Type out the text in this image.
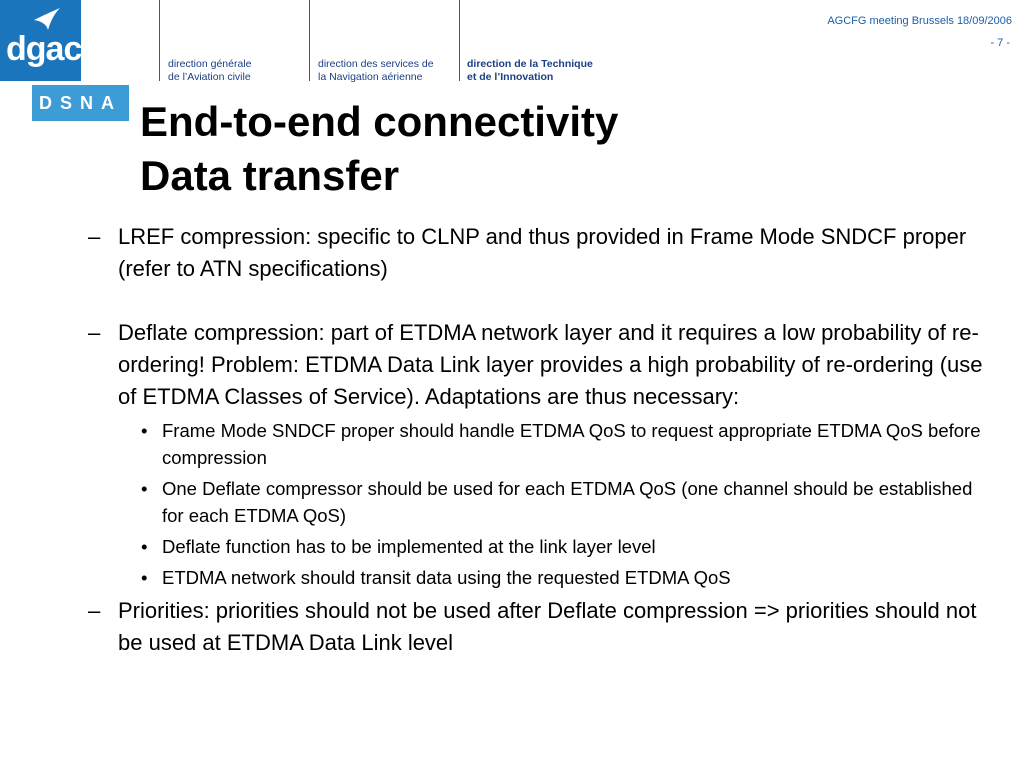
dgac
DSNA
direction générale
de l’Aviation civile
direction des services de
la Navigation aérienne
direction de la Technique
et de l’Innovation
AGCFG meeting Brussels 18/09/2006
- 7 -
End-to-end connectivity
Data transfer
– LREF compression: specific to CLNP and thus provided in Frame Mode SNDCF proper (refer to ATN specifications)
– Deflate compression: part of ETDMA network layer and it requires a low probability of re-ordering! Problem: ETDMA Data Link layer provides a high probability of re-ordering (use of ETDMA Classes of Service). Adaptations are thus necessary:
• Frame Mode SNDCF proper should handle ETDMA QoS to request appropriate ETDMA QoS before compression
• One Deflate compressor should be used for each ETDMA QoS (one channel should be established for each ETDMA QoS)
• Deflate function has to be implemented at the link layer level
• ETDMA network should transit data using the requested ETDMA QoS
– Priorities: priorities should not be used after Deflate compression => priorities should not be used at ETDMA Data Link level
